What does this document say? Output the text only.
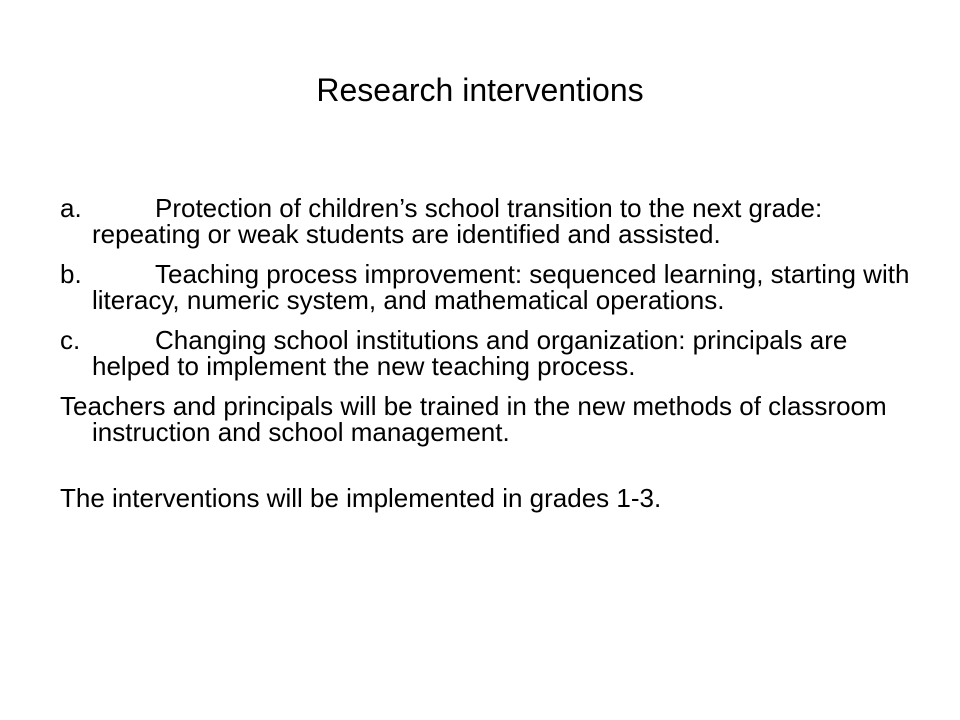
Research interventions

a.	Protection of children’s school transition to the next grade: repeating or weak students are identified and assisted.

b.	Teaching process improvement: sequenced learning, starting with literacy, numeric system, and mathematical operations.

c.	Changing school institutions and organization: principals are helped to implement the new teaching process.

Teachers and principals will be trained in the new methods of classroom instruction and school management.

The interventions will be implemented in grades 1-3.
